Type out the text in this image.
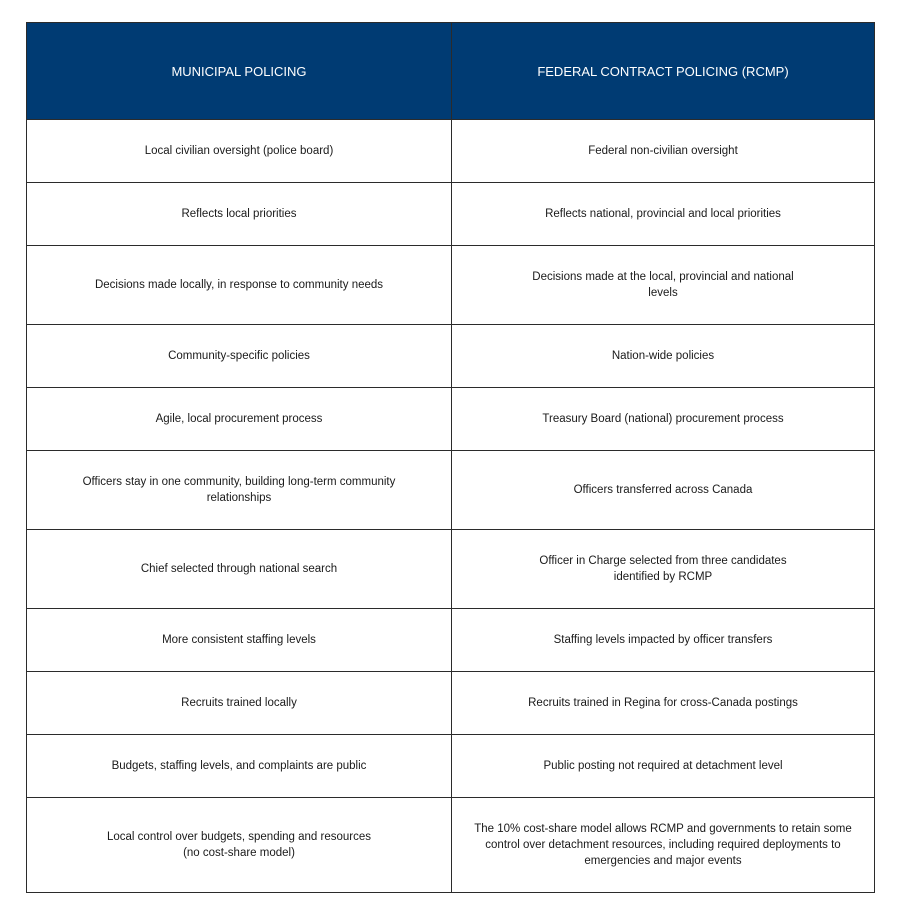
MUNICIPAL POLICING	FEDERAL CONTRACT POLICING (RCMP)
Local civilian oversight (police board)	Federal non-civilian oversight
Reflects local priorities	Reflects national, provincial and local priorities
Decisions made locally, in response to community needs	Decisions made at the local, provincial and national
levels
Community-specific policies	Nation-wide policies
Agile, local procurement process	Treasury Board (national) procurement process
Officers stay in one community, building long-term community
relationships	Officers transferred across Canada
Chief selected through national search	Officer in Charge selected from three candidates
identified by RCMP
More consistent staffing levels	Staffing levels impacted by officer transfers
Recruits trained locally	Recruits trained in Regina for cross-Canada postings
Budgets, staffing levels, and complaints are public	Public posting not required at detachment level
Local control over budgets, spending and resources
(no cost-share model)	The 10% cost-share model allows RCMP and governments to retain some
control over detachment resources, including required deployments to
emergencies and major events
